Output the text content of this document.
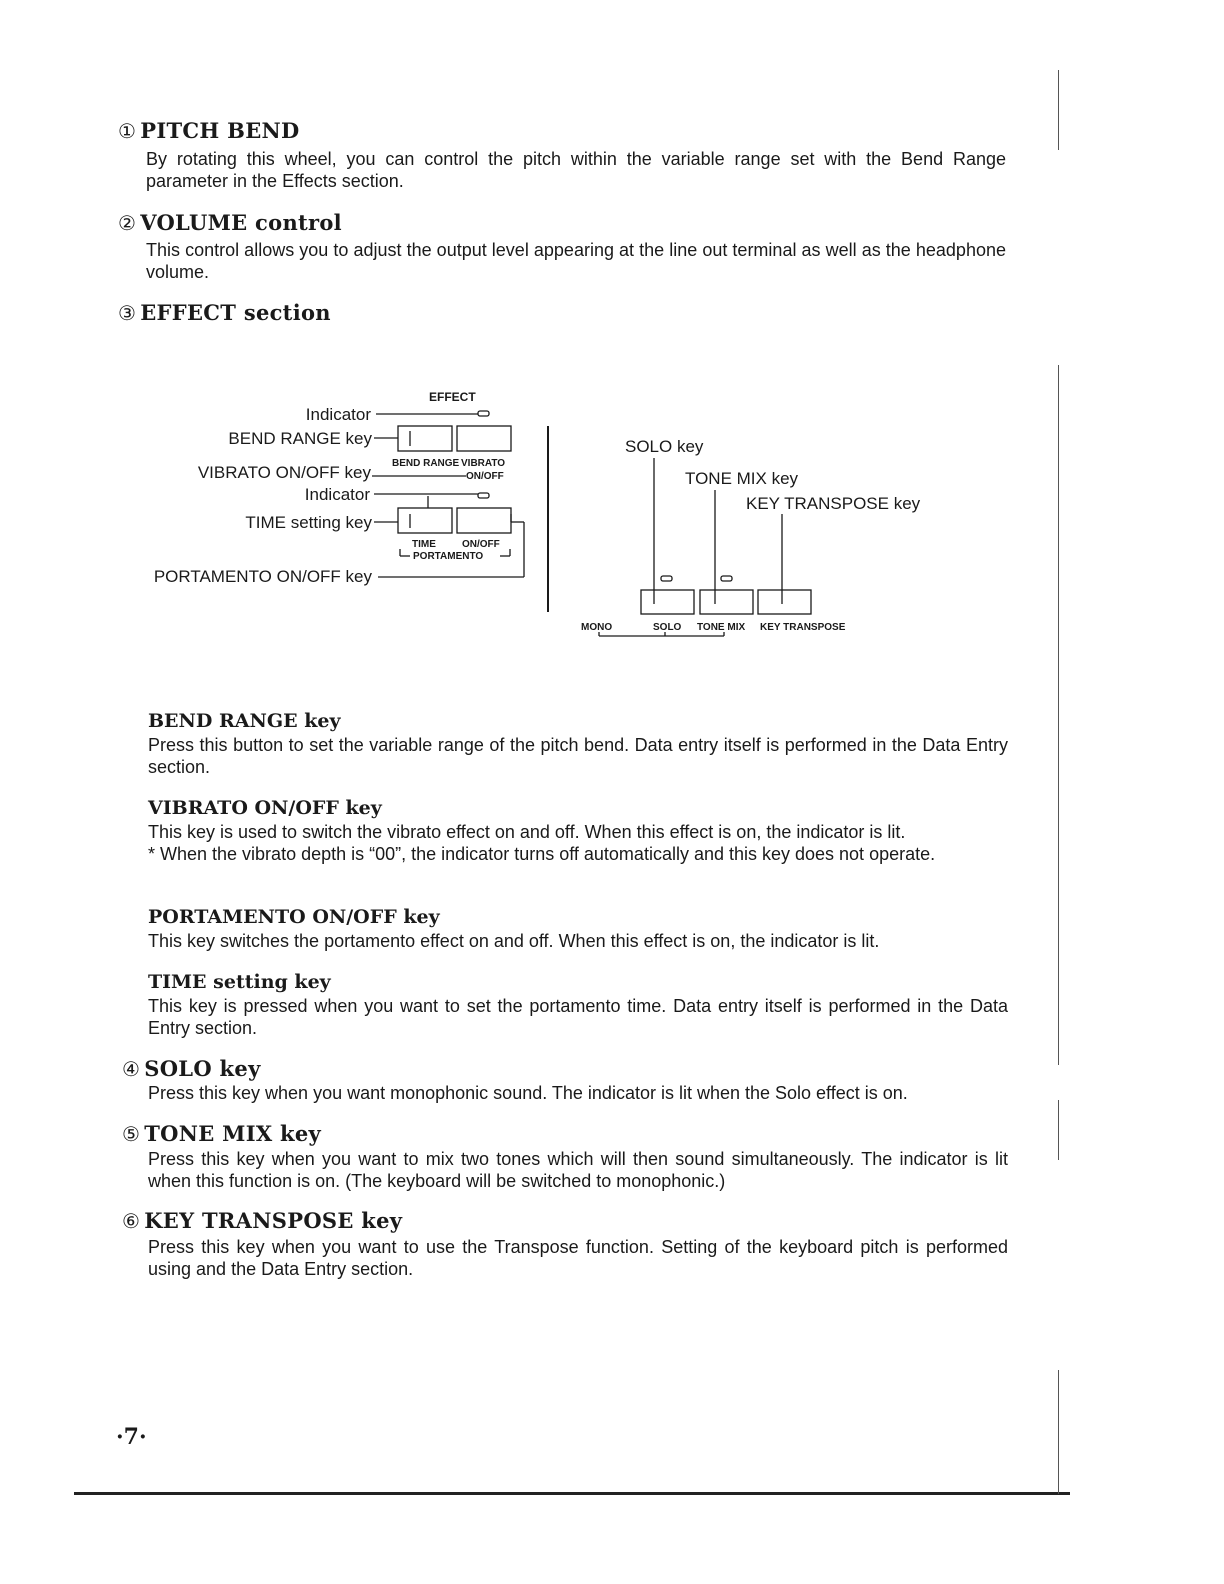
① PITCH BEND
By rotating this wheel, you can control the pitch within the variable range set with the Bend Range parameter in the Effects section.
② VOLUME control
This control allows you to adjust the output level appearing at the line out terminal as well as the headphone volume.
③ EFFECT section
EFFECT
Indicator
BEND RANGE key
VIBRATO ON/OFF key
Indicator
TIME setting key
PORTAMENTO ON/OFF key
BEND RANGE VIBRATO
ON/OFF
TIME	ON/OFF
PORTAMENTO
SOLO key
TONE MIX key
KEY TRANSPOSE key
MONO	SOLO TONE MIX KEY TRANSPOSE
BEND RANGE key
Press this button to set the variable range of the pitch bend. Data entry itself is performed in the Data Entry section.
VIBRATO ON/OFF key
This key is used to switch the vibrato effect on and off. When this effect is on, the indicator is lit.
* When the vibrato depth is “00”, the indicator turns off automatically and this key does not operate.
PORTAMENTO ON/OFF key
This key switches the portamento effect on and off. When this effect is on, the indicator is lit.
TIME setting key
This key is pressed when you want to set the portamento time. Data entry itself is performed in the Data Entry section.
④ SOLO key
Press this key when you want monophonic sound. The indicator is lit when the Solo effect is on.
⑤ TONE MIX key
Press this key when you want to mix two tones which will then sound simultaneously. The indicator is lit when this function is on. (The keyboard will be switched to monophonic.)
⑥ KEY TRANSPOSE key
Press this key when you want to use the Transpose function. Setting of the keyboard pitch is performed using and the Data Entry section.
·7·
